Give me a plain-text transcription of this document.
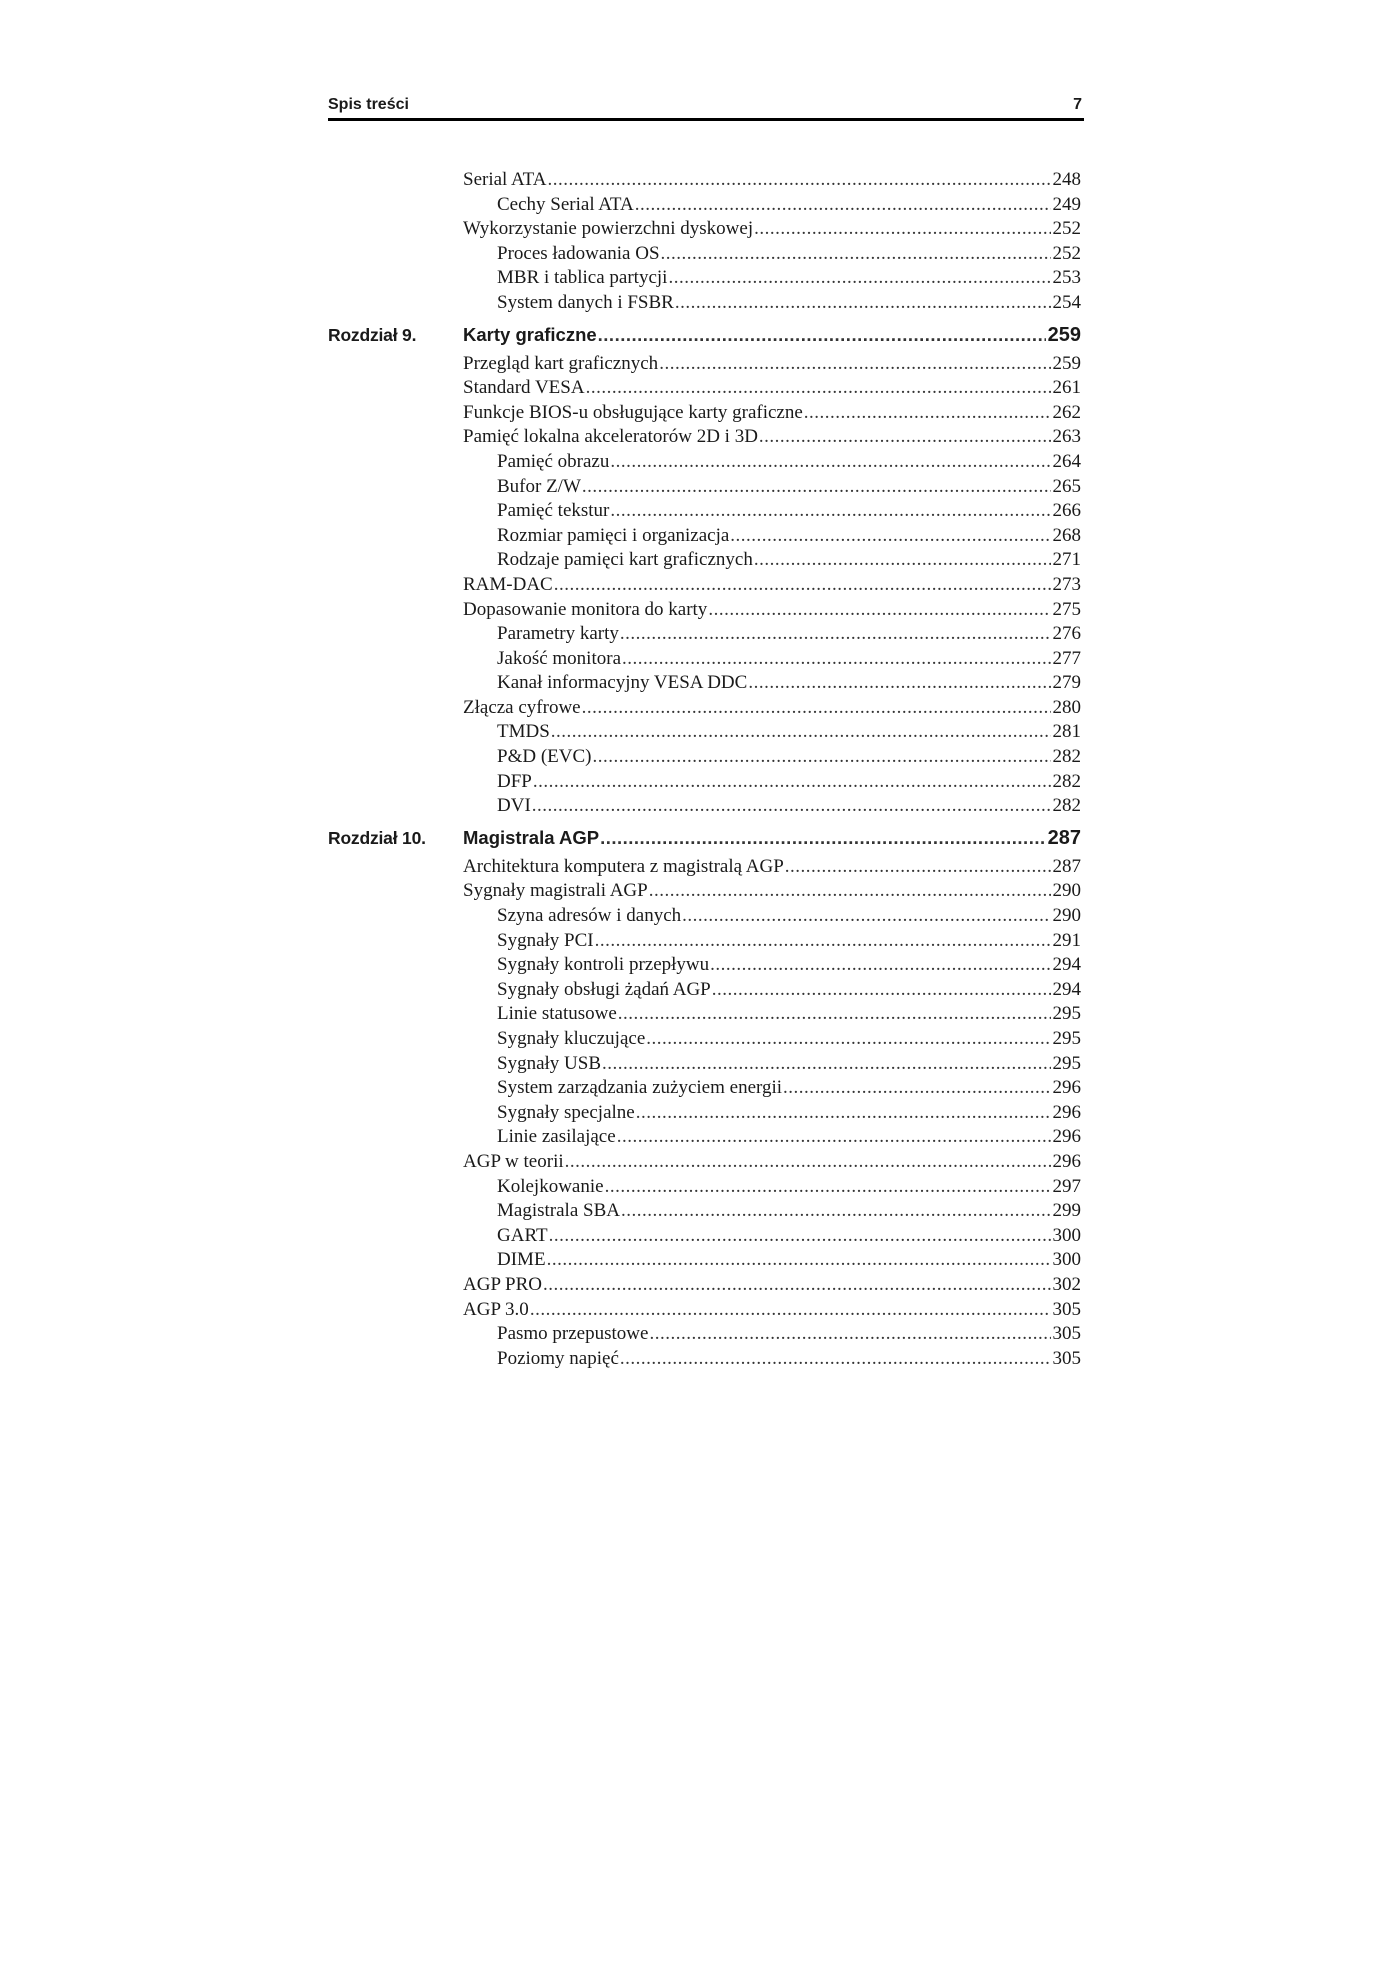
Spis treści	7
Serial ATA .....	248
Cechy Serial ATA .....	249
Wykorzystanie powierzchni dyskowej .....	252
Proces ładowania OS .....	252
MBR i tablica partycji .....	253
System danych i FSBR .....	254
Rozdział 9.	Karty graficzne .....	259
Przegląd kart graficznych .....	259
Standard VESA .....	261
Funkcje BIOS-u obsługujące karty graficzne .....	262
Pamięć lokalna akceleratorów 2D i 3D .....	263
Pamięć obrazu .....	264
Bufor Z/W .....	265
Pamięć tekstur .....	266
Rozmiar pamięci i organizacja .....	268
Rodzaje pamięci kart graficznych .....	271
RAM-DAC .....	273
Dopasowanie monitora do karty .....	275
Parametry karty .....	276
Jakość monitora .....	277
Kanał informacyjny VESA DDC .....	279
Złącza cyfrowe .....	280
TMDS .....	281
P&D (EVC) .....	282
DFP .....	282
DVI .....	282
Rozdział 10.	Magistrala AGP .....	287
Architektura komputera z magistralą AGP .....	287
Sygnały magistrali AGP .....	290
Szyna adresów i danych .....	290
Sygnały PCI .....	291
Sygnały kontroli przepływu .....	294
Sygnały obsługi żądań AGP .....	294
Linie statusowe .....	295
Sygnały kluczujące .....	295
Sygnały USB .....	295
System zarządzania zużyciem energii .....	296
Sygnały specjalne .....	296
Linie zasilające .....	296
AGP w teorii .....	296
Kolejkowanie .....	297
Magistrala SBA .....	299
GART .....	300
DIME .....	300
AGP PRO .....	302
AGP 3.0 .....	305
Pasmo przepustowe .....	305
Poziomy napięć .....	305
